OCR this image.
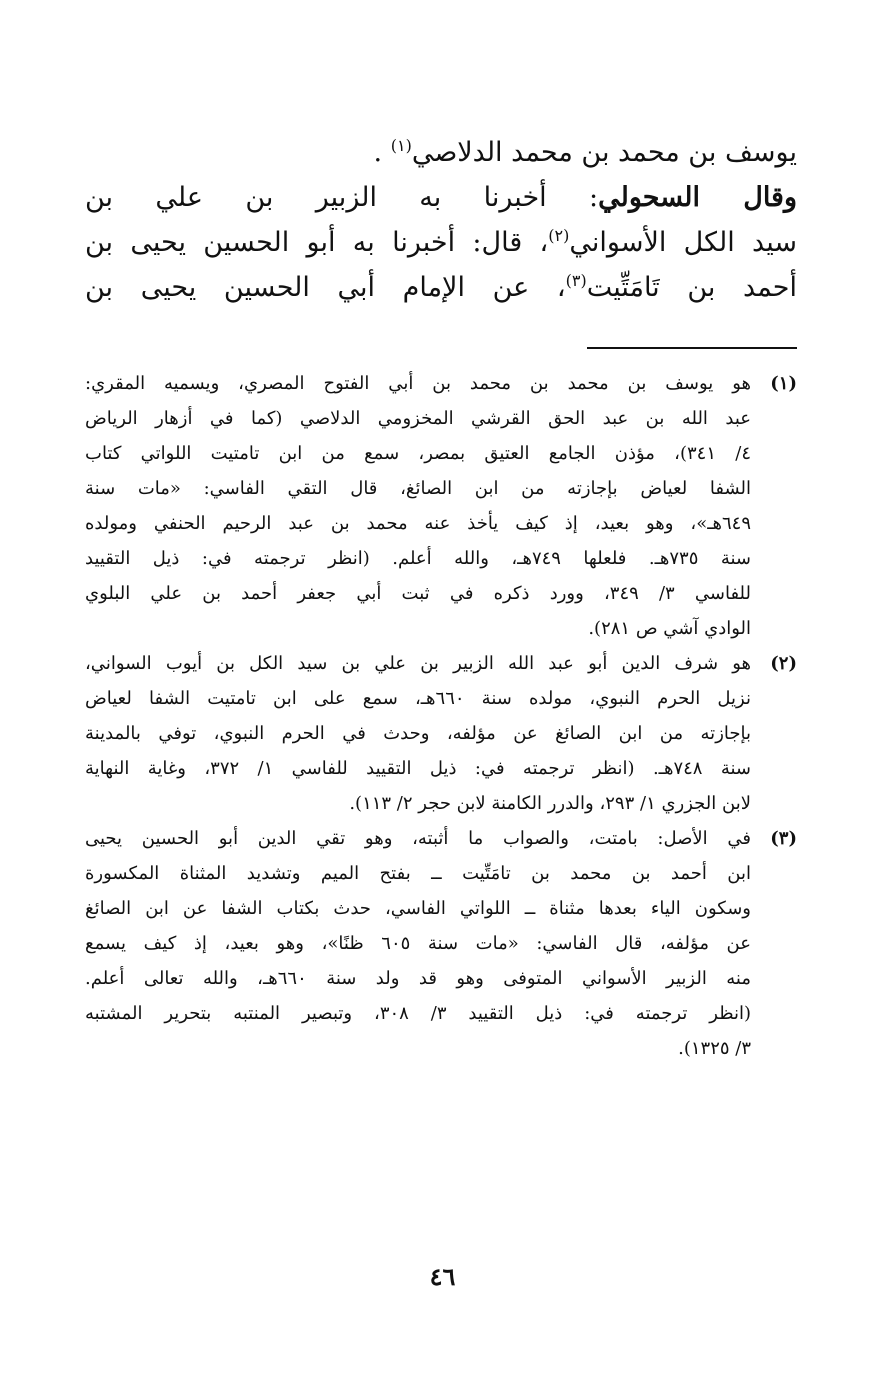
يوسف بن محمد بن محمد الدلاصي$^{(١)}$ .
وقال السحولي: أخبرنا به الزبير بن علي بن
سيد الكل الأسواني$^{(٢)}$، قال: أخبرنا به أبو الحسين يحيى بن
أحمد بن تَامَتِّيت$^{(٣)}$، عن الإمام أبي الحسين يحيى بن
(١)
هو يوسف بن محمد بن محمد بن أبي الفتوح المصري، ويسميه المقري:
عبد الله بن عبد الحق القرشي المخزومي الدلاصي (كما في أزهار الرياض
٤/ ٣٤١)، مؤذن الجامع العتيق بمصر، سمع من ابن تامتيت اللواتي كتاب
الشفا لعياض بإجازته من ابن الصائغ، قال التقي الفاسي: «مات سنة
٦٤٩هـ»، وهو بعيد، إذ كيف يأخذ عنه محمد بن عبد الرحيم الحنفي ومولده
سنة ٧٣٥هـ. فلعلها ٧٤٩هـ، والله أعلم. (انظر ترجمته في: ذيل التقييد
للفاسي ٣/ ٣٤٩، وورد ذكره في ثبت أبي جعفر أحمد بن علي البلوي
الوادي آشي ص ٢٨١).
(٢)
هو شرف الدين أبو عبد الله الزبير بن علي بن سيد الكل بن أيوب السواني،
نزيل الحرم النبوي، مولده سنة ٦٦٠هـ، سمع على ابن تامتيت الشفا لعياض
بإجازته من ابن الصائغ عن مؤلفه، وحدث في الحرم النبوي، توفي بالمدينة
سنة ٧٤٨هـ. (انظر ترجمته في: ذيل التقييد للفاسي ١/ ٣٧٢، وغاية النهاية
لابن الجزري ١/ ٢٩٣، والدرر الكامنة لابن حجر ٢/ ١١٣).
(٣)
في الأصل: بامتت، والصواب ما أثبته، وهو تقي الدين أبو الحسين يحيى
ابن أحمد بن محمد بن تامَتِّيت ــ بفتح الميم وتشديد المثناة المكسورة
وسكون الياء بعدها مثناة ــ اللواتي الفاسي، حدث بكتاب الشفا عن ابن الصائغ
عن مؤلفه، قال الفاسي: «مات سنة ٦٠٥ ظنًا»، وهو بعيد، إذ كيف يسمع
منه الزبير الأسواني المتوفى وهو قد ولد سنة ٦٦٠هـ، والله تعالى أعلم.
(انظر ترجمته في: ذيل التقييد ٣/ ٣٠٨، وتبصير المنتبه بتحرير المشتبه
٣/ ١٣٢٥).
٤٦
